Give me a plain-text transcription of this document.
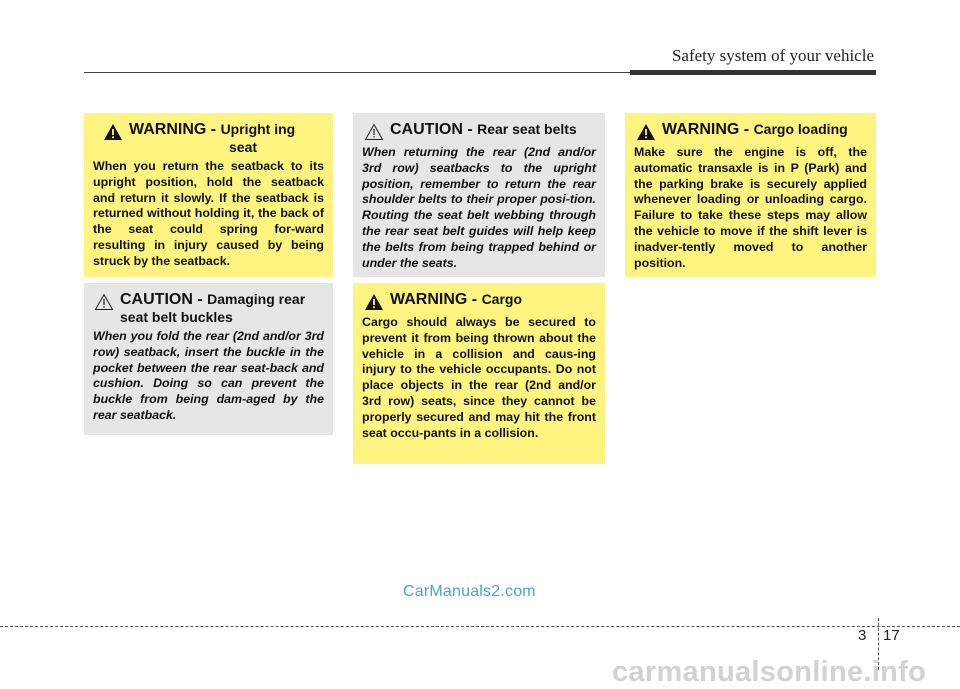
Safety system of your vehicle
WARNING - Upright ing
seat
When you return the seatback to its upright position, hold the seatback and return it slowly. If the seatback is returned without holding it, the back of the seat could spring for-ward resulting in injury caused by being struck by the seatback.
CAUTION - Damaging rear
seat belt buckles
When you fold the rear (2nd and/or 3rd row) seatback, insert the buckle in the pocket between the rear seat-back and cushion. Doing so can prevent the buckle from being dam-aged by the rear seatback.
CAUTION - Rear seat belts
When returning the rear (2nd and/or 3rd row) seatbacks to the upright position, remember to return the rear shoulder belts to their proper posi-tion. Routing the seat belt webbing through the rear seat belt guides will help keep the belts from being trapped behind or under the seats.
WARNING - Cargo
Cargo should always be secured to prevent it from being thrown about the vehicle in a collision and caus-ing injury to the vehicle occupants. Do not place objects in the rear (2nd and/or 3rd row) seats, since they cannot be properly secured and may hit the front seat occu-pants in a collision.
WARNING - Cargo loading
Make sure the engine is off, the automatic transaxle is in P (Park) and the parking brake is securely applied whenever loading or unloading cargo. Failure to take these steps may allow the vehicle to move if the shift lever is inadver-tently moved to another position.
CarManuals2.com
3 17
carmanualsonline.info
